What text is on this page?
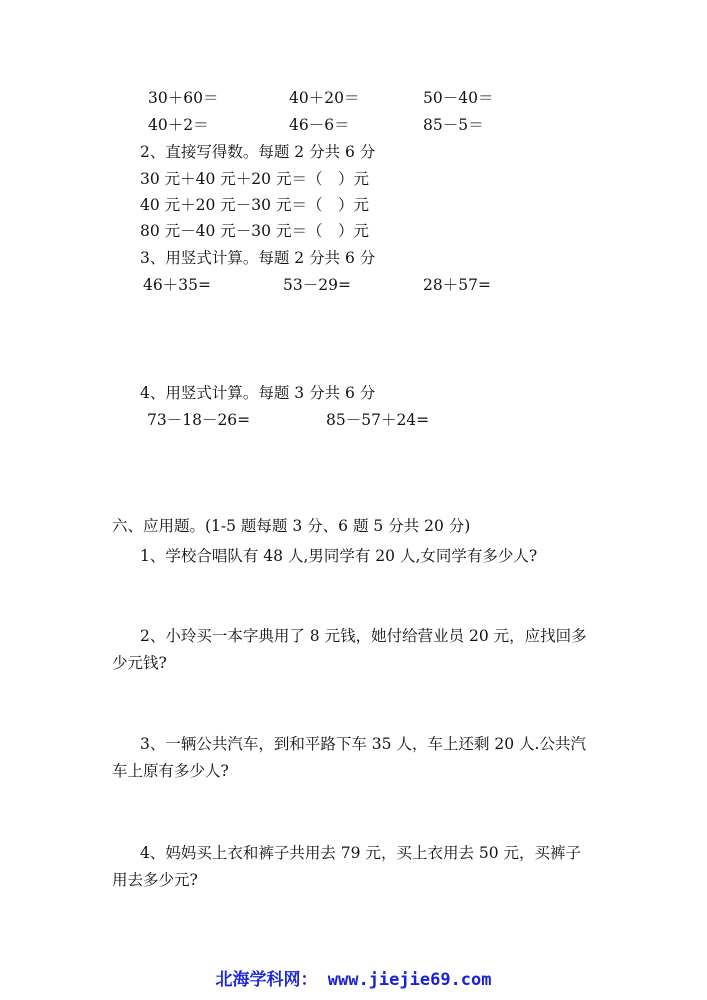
30＋60＝	40＋20＝	50－40＝
40＋2＝	46－6＝	85－5＝
2、直接写得数。每题 2 分共 6 分
30 元＋40 元＋20 元＝（　）元
40 元＋20 元－30 元＝（　）元
80 元－40 元－30 元＝（　）元
3、用竖式计算。每题 2 分共 6 分
46＋35=	53－29=	28＋57=
4、用竖式计算。每题 3 分共 6 分
73－18－26=	85－57＋24=
六、应用题。(1-5 题每题 3 分、6 题 5 分共 20 分)
1、学校合唱队有 48 人,男同学有 20 人,女同学有多少人?
2、小玲买一本字典用了 8 元钱，她付给营业员 20 元，应找回多
少元钱?
3、一辆公共汽车，到和平路下车 35 人，车上还剩 20 人.公共汽
车上原有多少人?
4、妈妈买上衣和裤子共用去 79 元，买上衣用去 50 元，买裤子
用去多少元?
北海学科网： www.jiejie69.com
